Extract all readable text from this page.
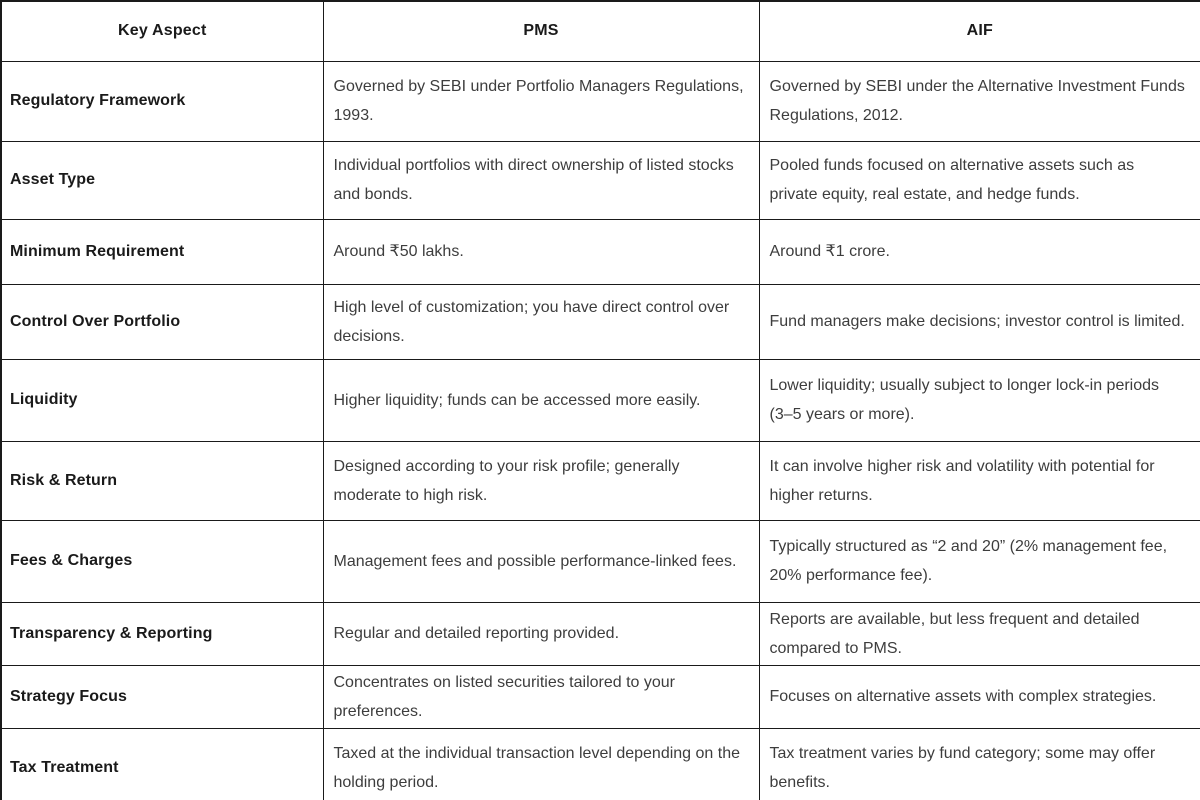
Key Aspect	PMS	AIF
Regulatory Framework	Governed by SEBI under Portfolio Managers Regulations, 1993.	Governed by SEBI under the Alternative Investment Funds Regulations, 2012.
Asset Type	Individual portfolios with direct ownership of listed stocks and bonds.	Pooled funds focused on alternative assets such as private equity, real estate, and hedge funds.
Minimum Requirement	Around ₹50 lakhs.	Around ₹1 crore.
Control Over Portfolio	High level of customization; you have direct control over decisions.	Fund managers make decisions; investor control is limited.
Liquidity	Higher liquidity; funds can be accessed more easily.	Lower liquidity; usually subject to longer lock-in periods (3–5 years or more).
Risk & Return	Designed according to your risk profile; generally moderate to high risk.	It can involve higher risk and volatility with potential for higher returns.
Fees & Charges	Management fees and possible performance-linked fees.	Typically structured as “2 and 20” (2% management fee, 20% performance fee).
Transparency & Reporting	Regular and detailed reporting provided.	Reports are available, but less frequent and detailed compared to PMS.
Strategy Focus	Concentrates on listed securities tailored to your preferences.	Focuses on alternative assets with complex strategies.
Tax Treatment	Taxed at the individual transaction level depending on the holding period.	Tax treatment varies by fund category; some may offer benefits.
